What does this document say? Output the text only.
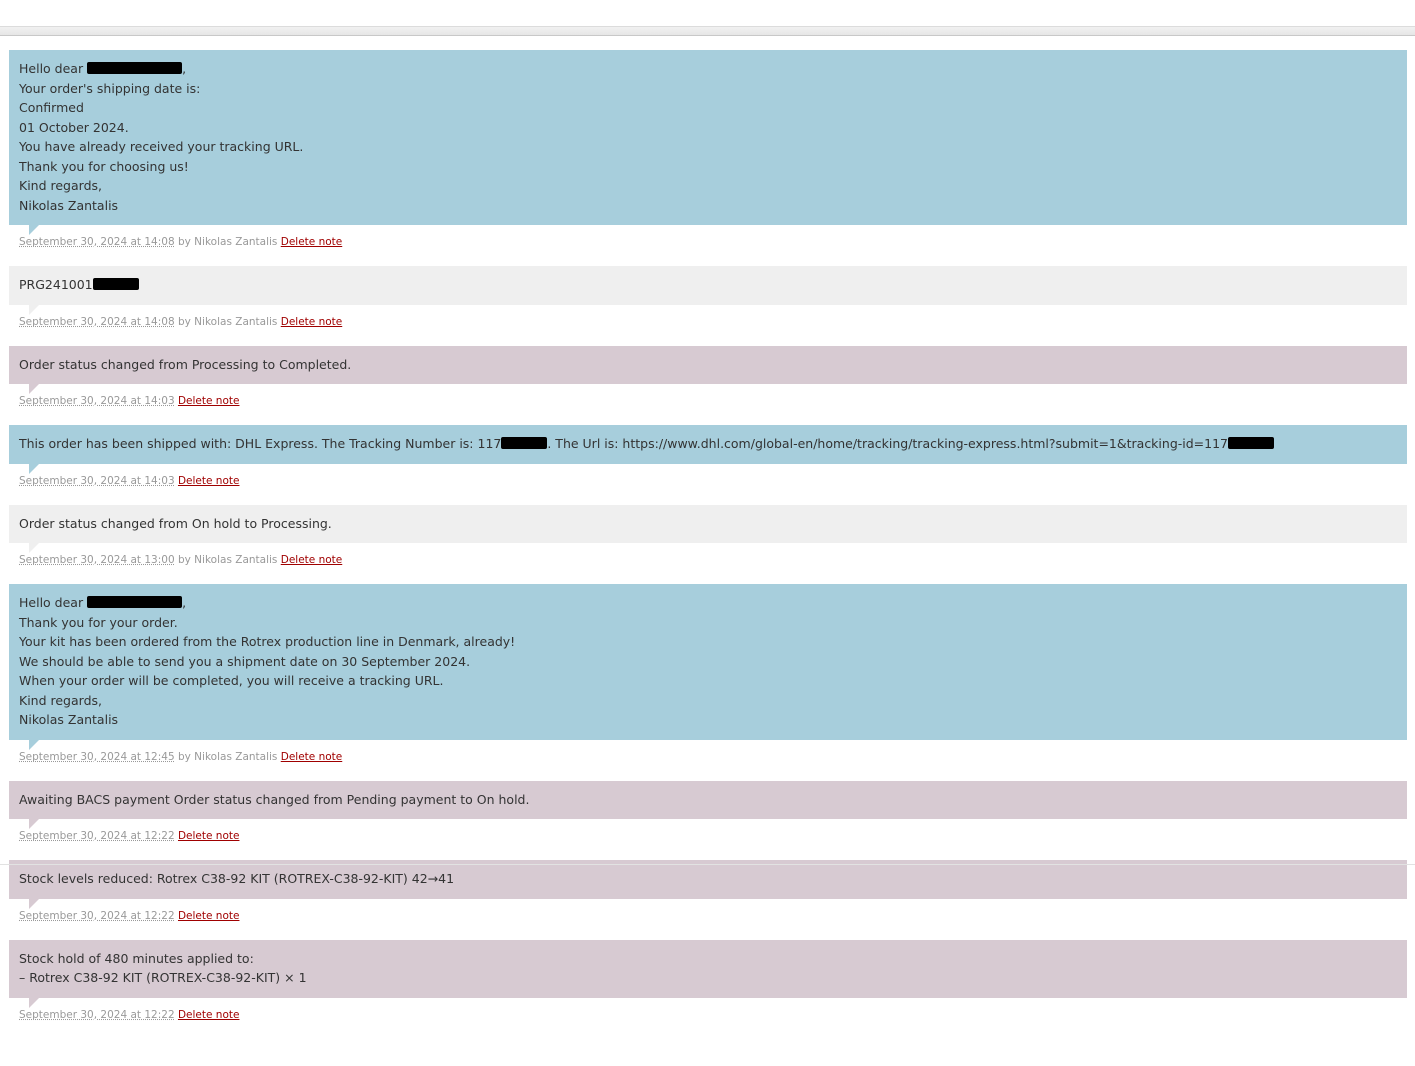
Hello dear	,

Your order's shipping date is:

Confirmed

01 October 2024.

You have already received your tracking URL.

Thank you for choosing us!

Kind regards,

Nikolas Zantalis

September 30, 2024 at 14:08 by Nikolas Zantalis Delete note

PRG241001

September 30, 2024 at 14:08 by Nikolas Zantalis Delete note

Order status changed from Processing to Completed.

September 30, 2024 at 14:03 Delete note

This order has been shipped with: DHL Express. The Tracking Number is: 117	. The Url is: https://www.dhl.com/global-en/home/tracking/tracking-express.html?submit=1&tracking-id=117

September 30, 2024 at 14:03 Delete note

Order status changed from On hold to Processing.

September 30, 2024 at 13:00 by Nikolas Zantalis Delete note

Hello dear	,

Thank you for your order.

Your kit has been ordered from the Rotrex production line in Denmark, already!

We should be able to send you a shipment date on 30 September 2024.

When your order will be completed, you will receive a tracking URL.

Kind regards,

Nikolas Zantalis

September 30, 2024 at 12:45 by Nikolas Zantalis Delete note

Awaiting BACS payment Order status changed from Pending payment to On hold.

September 30, 2024 at 12:22 Delete note

Stock levels reduced: Rotrex C38-92 KIT (ROTREX-C38-92-KIT) 42→41

September 30, 2024 at 12:22 Delete note

Stock hold of 480 minutes applied to:

– Rotrex C38-92 KIT (ROTREX-C38-92-KIT) × 1

September 30, 2024 at 12:22 Delete note
